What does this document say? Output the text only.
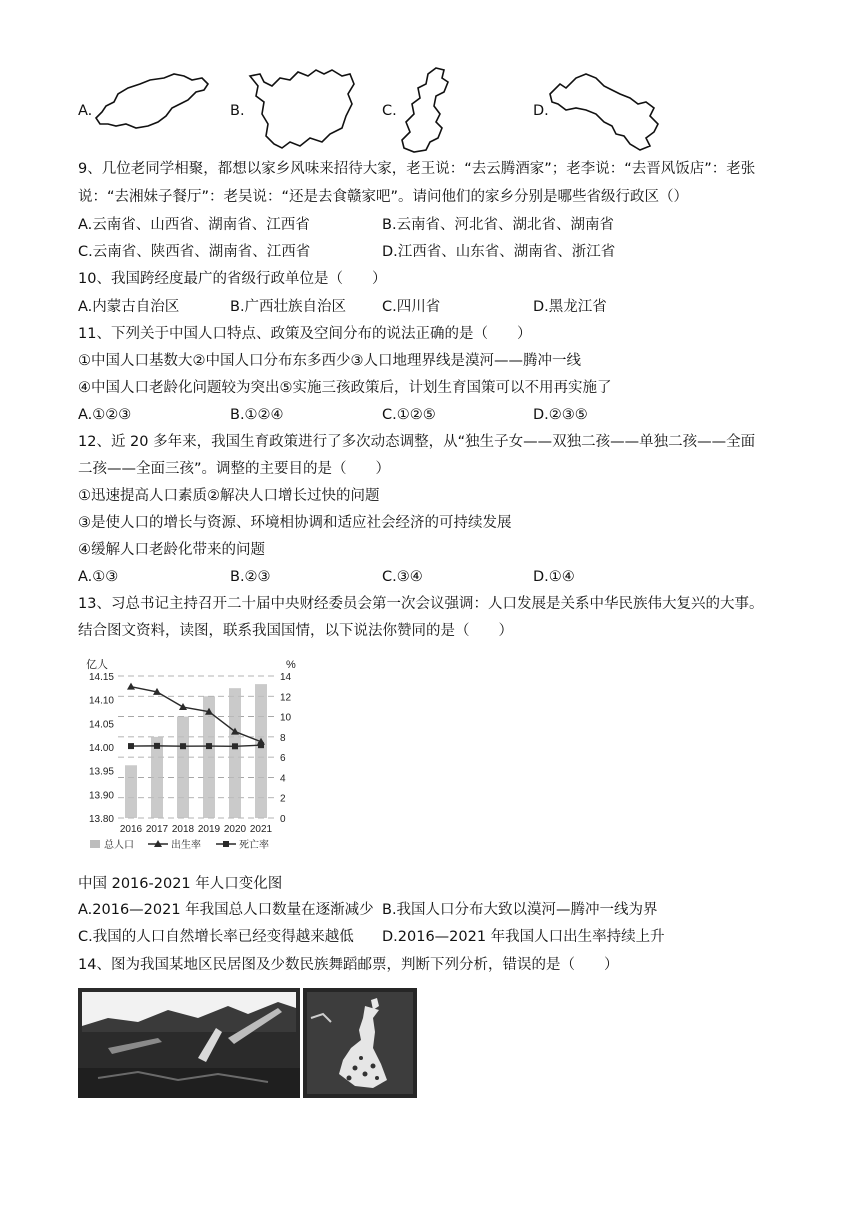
A.	B.	C.	D.
9、几位老同学相聚，都想以家乡风味来招待大家，老王说：“去云腾酒家”；老李说：“去晋风饭店”：老张
说：“去湘妹子餐厅”：老吴说：“还是去食赣家吧”。请问他们的家乡分别是哪些省级行政区（）
A.云南省、山西省、湖南省、江西省	B.云南省、河北省、湖北省、湖南省
C.云南省、陕西省、湖南省、江西省	D.江西省、山东省、湖南省、浙江省
10、我国跨经度最广的省级行政单位是（　　）
A.内蒙古自治区	B.广西壮族自治区 C.四川省	D.黑龙江省
11、下列关于中国人口特点、政策及空间分布的说法正确的是（　　）
①中国人口基数大②中国人口分布东多西少③人口地理界线是漠河——腾冲一线
④中国人口老龄化问题较为突出⑤实施三孩政策后，计划生育国策可以不用再实施了
A.①②③	B.①②④	C.①②⑤	D.②③⑤
12、近 20 多年来，我国生育政策进行了多次动态调整，从“独生子女——双独二孩——单独二孩——全面
二孩——全面三孩”。调整的主要目的是（　　）
①迅速提高人口素质②解决人口增长过快的问题
③是使人口的增长与资源、环境相协调和适应社会经济的可持续发展
④缓解人口老龄化带来的问题
A.①③	B.②③	C.③④	D.①④
13、习总书记主持召开二十届中央财经委员会第一次会议强调：人口发展是关系中华民族伟大复兴的大事。
结合图文资料，读图，联系我国国情，以下说法你赞同的是（　　）
亿人	%
14
12
10
8
6
4
2
0
14.15
14.10
14.05
14.00
13.95
13.90
13.80
2016 2017 2018 2019 2020 2021
总人口	出生率	死亡率
中国 2016-2021 年人口变化图
A.2016—2021 年我国总人口数量在逐渐减少 B.我国人口分布大致以漠河—腾冲一线为界
C.我国的人口自然增长率已经变得越来越低 D.2016—2021 年我国人口出生率持续上升
14、图为我国某地区民居图及少数民族舞蹈邮票，判断下列分析，错误的是（　　）
